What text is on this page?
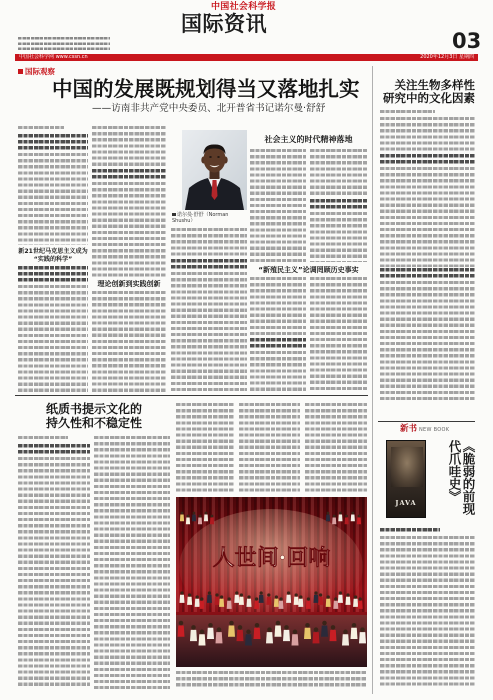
中国社会科学报
国际资讯
03
中国社会科学网 www.cssn.cn	2020年12月3日 星期四
国际观察
中国的发展既规划得当又落地扎实
——访南非共产党中央委员、北开普省书记诺尔曼·舒舒
新21世纪马克思主义成为
“实践的科学”
理论创新到实践创新
诺尔曼·舒舒（Norman Shushu）
社会主义的时代精神落地
“新殖民主义”论调罔顾历史事实
关注生物多样性
研究中的文化因素
新书 NEW BOOK
JAVA	《脆弱的前现代爪哇史》
纸质书提示文化的
持久性和不稳定性
人世间·回响
